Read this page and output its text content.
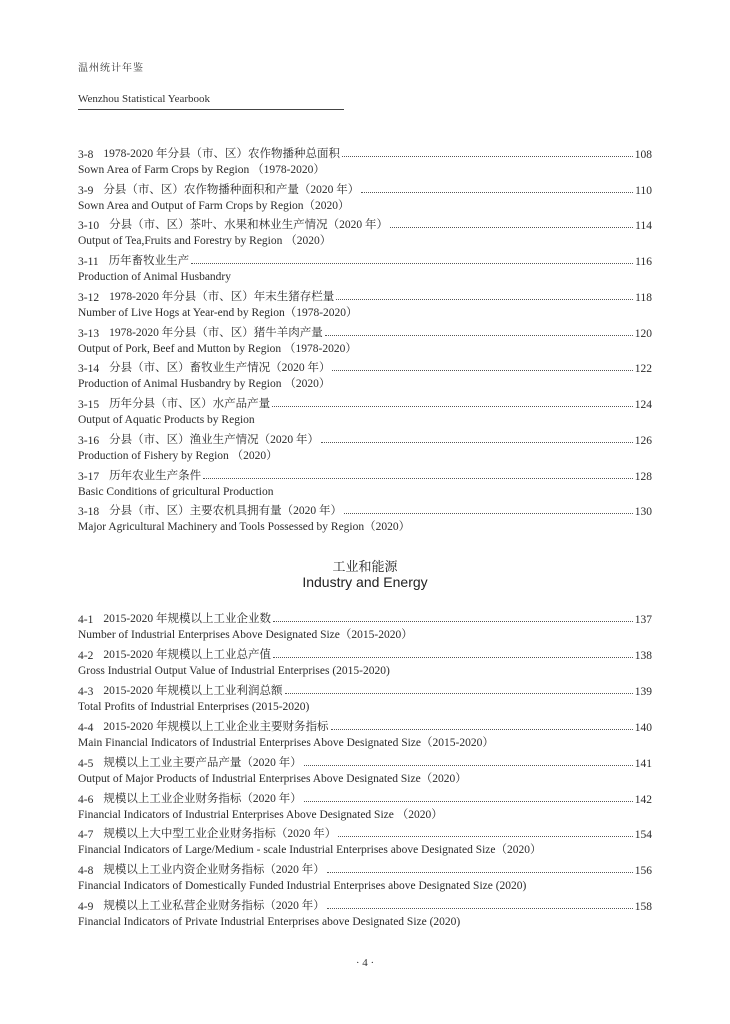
温州统计年鉴
Wenzhou Statistical Yearbook
3-8 1978-2020 年分县（市、区）农作物播种总面积	108
Sown Area of Farm Crops by Region （1978-2020）
3-9 分县（市、区）农作物播种面积和产量（2020 年）	110
Sown Area and Output of Farm Crops by Region（2020）
3-10 分县（市、区）茶叶、水果和林业生产情况（2020 年）	114
Output of Tea,Fruits and Forestry by Region （2020）
3-11 历年畜牧业生产	116
Production of Animal Husbandry
3-12 1978-2020 年分县（市、区）年末生猪存栏量	118
Number of Live Hogs at Year-end by Region（1978-2020）
3-13 1978-2020 年分县（市、区）猪牛羊肉产量	120
Output of Pork, Beef and Mutton by Region （1978-2020）
3-14 分县（市、区）畜牧业生产情况（2020 年）	122
Production of Animal Husbandry by Region （2020）
3-15 历年分县（市、区）水产品产量	124
Output of Aquatic Products by Region
3-16 分县（市、区）渔业生产情况（2020 年）	126
Production of Fishery by Region （2020）
3-17 历年农业生产条件	128
Basic Conditions of gricultural Production
3-18 分县（市、区）主要农机具拥有量（2020 年）	130
Major Agricultural Machinery and Tools Possessed by Region（2020）
工业和能源
Industry and Energy
4-1 2015-2020 年规模以上工业企业数	137
Number of Industrial Enterprises Above Designated Size（2015-2020）
4-2 2015-2020 年规模以上工业总产值	138
Gross Industrial Output Value of Industrial Enterprises (2015-2020)
4-3 2015-2020 年规模以上工业利润总额	139
Total Profits of Industrial Enterprises (2015-2020)
4-4 2015-2020 年规模以上工业企业主要财务指标	140
Main Financial Indicators of Industrial Enterprises Above Designated Size（2015-2020）
4-5 规模以上工业主要产品产量（2020 年）	141
Output of Major Products of Industrial Enterprises Above Designated Size（2020）
4-6 规模以上工业企业财务指标（2020 年）	142
Financial Indicators of Industrial Enterprises Above Designated Size （2020）
4-7 规模以上大中型工业企业财务指标（2020 年）	154
Financial Indicators of Large/Medium - scale Industrial Enterprises above Designated Size（2020）
4-8 规模以上工业内资企业财务指标（2020 年）	156
Financial Indicators of Domestically Funded Industrial Enterprises above Designated Size (2020)
4-9 规模以上工业私营企业财务指标（2020 年）	158
Financial Indicators of Private Industrial Enterprises above Designated Size (2020)
· 4 ·
